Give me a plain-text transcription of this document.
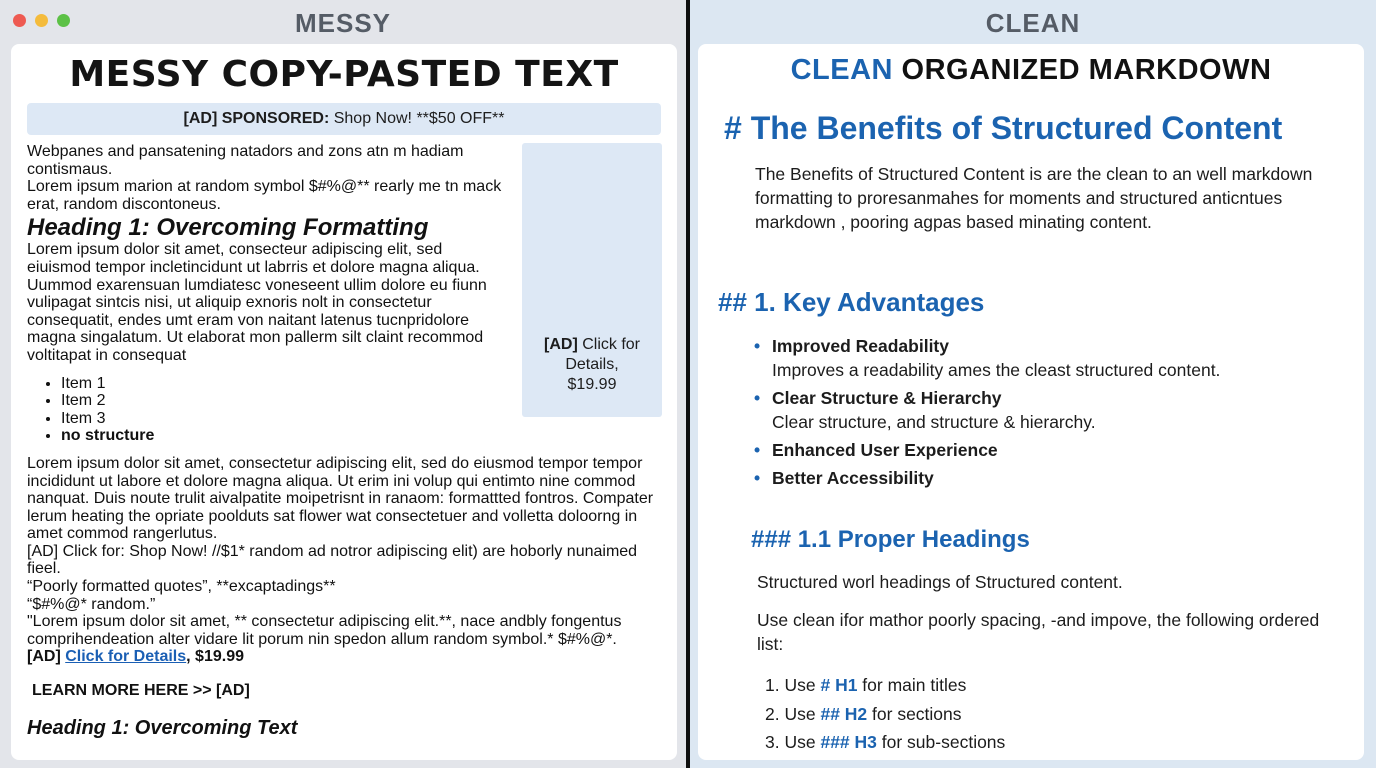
MESSY
MESSY COPY-PASTED TEXT
[AD] SPONSORED: Shop Now! **$50 OFF**
[AD] Click for
Details,
$19.99
Webpanes and pansatening natadors and zons atn m hadiam contismaus.
Lorem ipsum marion at random symbol $#%@** rearly me tn mack erat, random discontoneus.
Heading 1: Overcoming Formatting
Lorem ipsum dolor sit amet, consecteur adipiscing elit, sed eiuismod tempor incletincidunt ut labrris et dolore magna aliqua. Uummod exarensuan lumdiatesc voneseent ullim dolore eu fiunn vulipagat sintcis nisi, ut aliquip exnoris nolt in consectetur consequatit, endes umt eram von naitant latenus tucnpridolore magna singalatum. Ut elaborat mon pallerm silt claint recommod voltitapat in consequat
• Item 1
• Item 2
• Item 3
• no structure
Lorem ipsum dolor sit amet, consectetur adipiscing elit, sed do eiusmod tempor tempor incididunt ut labore et dolore magna aliqua. Ut erim ini volup qui entimto nine commod nanquat. Duis noute trulit aivalpatite moipetrisnt in ranaom: formattted fontros. Compater lerum heating the opriate poolduts sat flower wat consectetuer and volletta doloorng in amet commod rangerlutus.
[AD] Click for: Shop Now! //$1* random ad notror adipiscing elit) are hoborly nunaimed fieel.
“Poorly formatted quotes”, **excaptadings**
“$#%@* random.”
"Lorem ipsum dolor sit amet, ** consectetur adipiscing elit.**, nace andbly fongentus comprihendeation alter vidare lit porum nin spedon allum random symbol.* $#%@*.
[AD] Click for Details, $19.99
LEARN MORE HERE >> [AD]
Heading 1: Overcoming Text
CLEAN
CLEAN ORGANIZED MARKDOWN
# The Benefits of Structured Content
The Benefits of Structured Content is are the clean to an well markdown formatting to proresanmahes for moments and structured anticntues markdown , pooring agpas based minating content.
## 1. Key Advantages
• Improved Readability
Improves a readability ames the cleast structured content.
• Clear Structure & Hierarchy
Clear structure, and structure & hierarchy.
• Enhanced User Experience
• Better Accessibility
### 1.1 Proper Headings
Structured worl headings of Structured content.
Use clean ifor mathor poorly spacing, -and impove, the following ordered list:
1. Use # H1 for main titles
2. Use ## H2 for sections
3. Use ### H3 for sub-sections
